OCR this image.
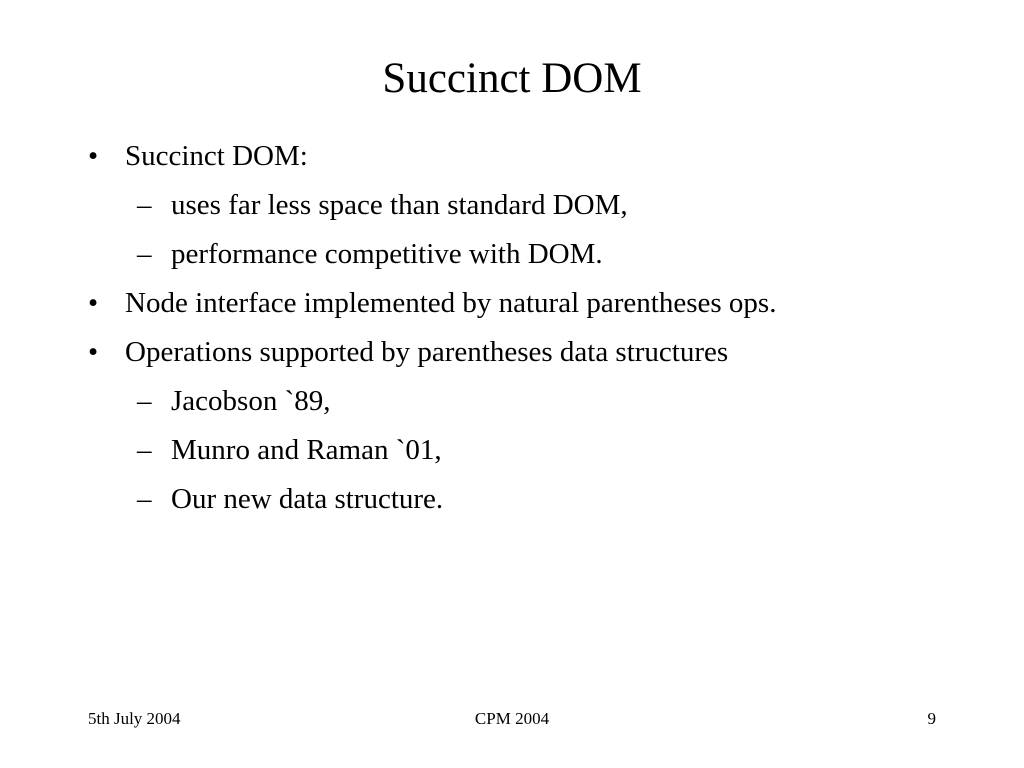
Succinct DOM
• Succinct DOM:
– uses far less space than standard DOM,
– performance competitive with DOM.
• Node interface implemented by natural parentheses ops.
• Operations supported by parentheses data structures
– Jacobson `89,
– Munro and Raman `01,
– Our new data structure.
5th July 2004	CPM 2004	9
